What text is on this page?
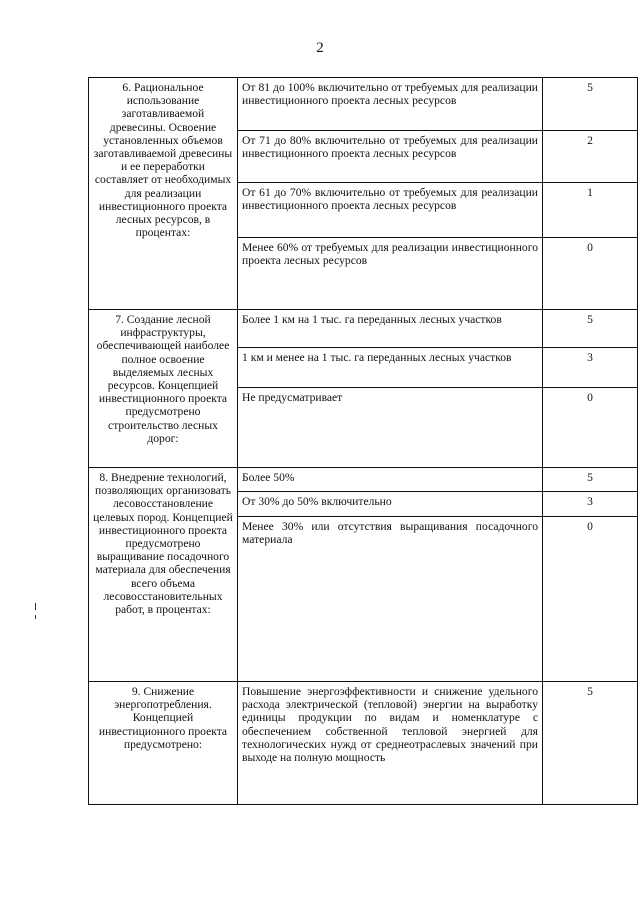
2
6. Рациональное использование заготавливаемой древесины. Освоение установленных объемов заготавливаемой древесины и ее переработки составляет от необходимых для реализации инвестиционного проекта лесных ресурсов, в процентах:	От 81 до 100% включительно от требуемых для реализации инвестиционного проекта лесных ресурсов	5
	От 71 до 80% включительно от требуемых для реализации инвестиционного проекта лесных ресурсов	2
	От 61 до 70% включительно от требуемых для реализации инвестиционного проекта лесных ресурсов	1
	Менее 60% от требуемых для реализации инвестиционного проекта лесных ресурсов	0
7. Создание лесной инфраструктуры, обеспечивающей наиболее полное освоение выделяемых лесных ресурсов. Концепцией инвестиционного проекта предусмотрено строительство лесных дорог:	Более 1 км на 1 тыс. га переданных лесных участков	5
	1 км и менее на 1 тыс. га переданных лесных участков	3
	Не предусматривает	0
8. Внедрение технологий, позволяющих организовать лесовосстановление целевых пород. Концепцией инвестиционного проекта предусмотрено выращивание посадочного материала для обеспечения всего объема лесовосстановительных работ, в процентах:	Более 50%	5
	От 30% до 50% включительно	3
	Менее 30% или отсутствия выращивания посадочного материала	0
9. Снижение энергопотребления. Концепцией инвестиционного проекта предусмотрено:	Повышение энергоэффективности и снижение удельного расхода электрической (тепловой) энергии на выработку единицы продукции по видам и номенклатуре с обеспечением собственной тепловой энергией для технологических нужд от среднеотраслевых значений при выходе на полную мощность	5
